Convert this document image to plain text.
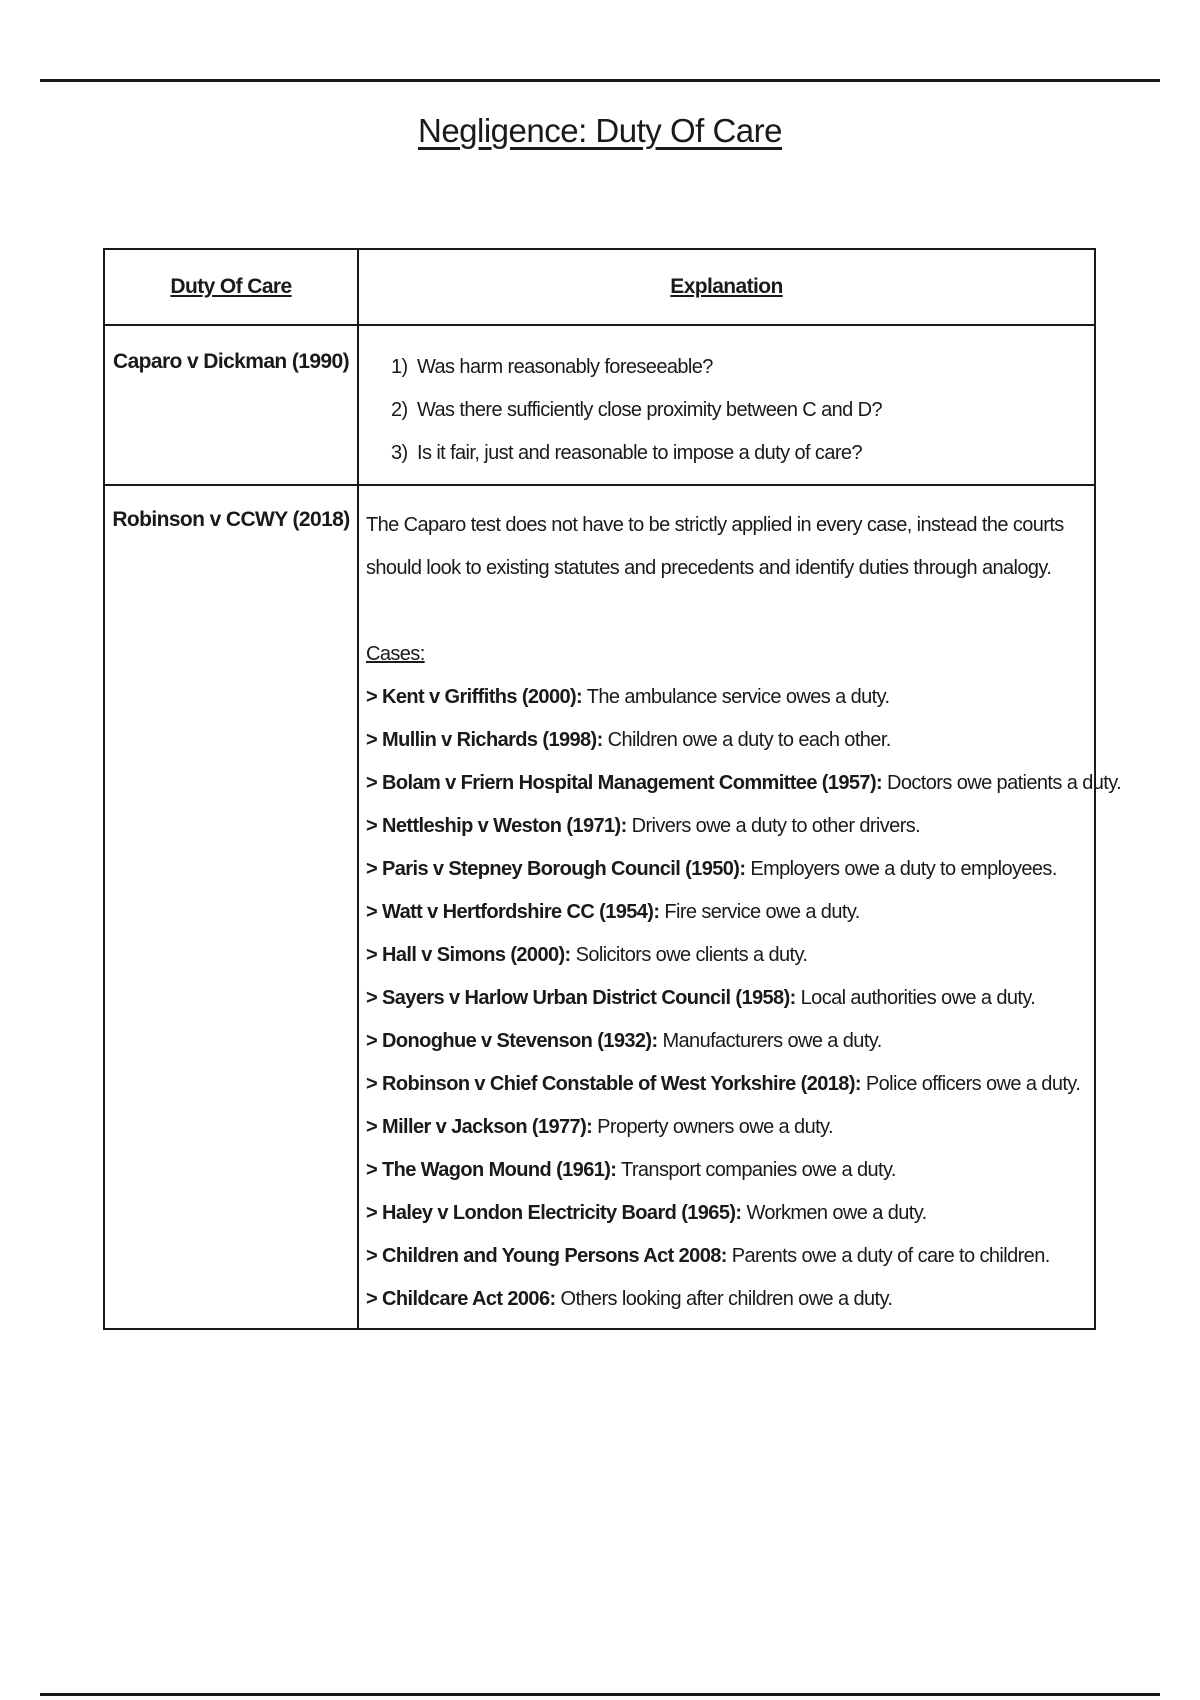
Negligence: Duty Of Care
Duty Of Care	Explanation
Caparo v Dickman (1990)	1) Was harm reasonably foreseeable?
2) Was there sufficiently close proximity between C and D?
3) Is it fair, just and reasonable to impose a duty of care?
Robinson v CCWY (2018) The Caparo test does not have to be strictly applied in every case, instead the courts should look to existing statutes and precedents and identify duties through analogy.

Cases:
> Kent v Griffiths (2000): The ambulance service owes a duty.
> Mullin v Richards (1998): Children owe a duty to each other.
> Bolam v Friern Hospital Management Committee (1957): Doctors owe patients a duty.
> Nettleship v Weston (1971): Drivers owe a duty to other drivers.
> Paris v Stepney Borough Council (1950): Employers owe a duty to employees.
> Watt v Hertfordshire CC (1954): Fire service owe a duty.
> Hall v Simons (2000): Solicitors owe clients a duty.
> Sayers v Harlow Urban District Council (1958): Local authorities owe a duty.
> Donoghue v Stevenson (1932): Manufacturers owe a duty.
> Robinson v Chief Constable of West Yorkshire (2018): Police officers owe a duty.
> Miller v Jackson (1977): Property owners owe a duty.
> The Wagon Mound (1961): Transport companies owe a duty.
> Haley v London Electricity Board (1965): Workmen owe a duty.
> Children and Young Persons Act 2008: Parents owe a duty of care to children.
> Childcare Act 2006: Others looking after children owe a duty.
